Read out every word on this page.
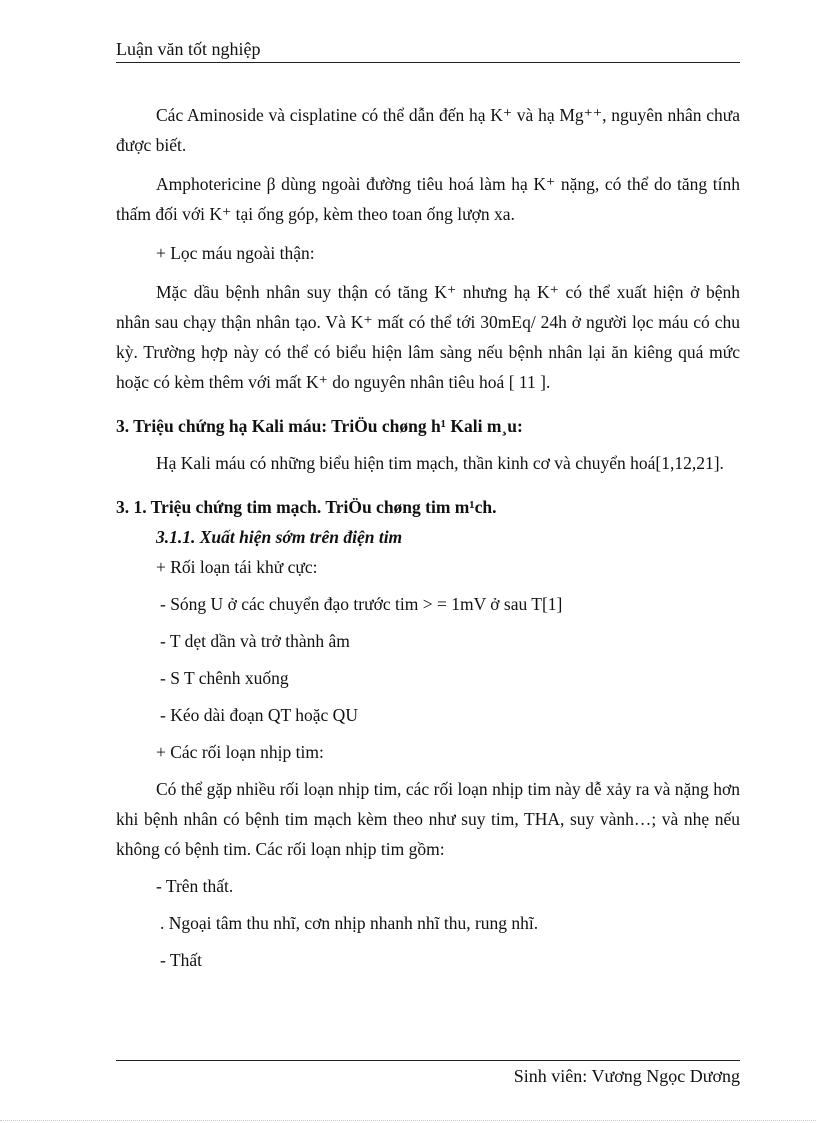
Luận văn tốt nghiệp

Các Aminoside và cisplatine có thể dẫn đến hạ K⁺ và hạ Mg⁺⁺, nguyên nhân chưa được biết.

Amphotericine β dùng ngoài đường tiêu hoá làm hạ K⁺ nặng, có thể do tăng tính thấm đối với K⁺ tại ống góp, kèm theo toan ống lượn xa.

+ Lọc máu ngoài thận:

Mặc dầu bệnh nhân suy thận có tăng K⁺ nhưng hạ K⁺ có thể xuất hiện ở bệnh nhân sau chạy thận nhân tạo. Và K⁺ mất có thể tới 30mEq/ 24h ở người lọc máu có chu kỳ. Trường hợp này có thể có biểu hiện lâm sàng nếu bệnh nhân lại ăn kiêng quá mức hoặc có kèm thêm với mất K⁺ do nguyên nhân tiêu hoá [ 11 ].

3. Triệu chứng hạ Kali máu: TriÖu chøng h¹ Kali m¸u:

Hạ Kali máu có những biểu hiện tim mạch, thần kinh cơ và chuyển hoá[1,12,21].

3. 1. Triệu chứng tim mạch. TriÖu chøng tim m¹ch.

3.1.1. Xuất hiện sớm trên điện tim

+ Rối loạn tái khử cực:

- Sóng U ở các chuyển đạo trước tim > = 1mV ở sau T[1]

- T dẹt dần và trở thành âm

- S T chênh xuống

- Kéo dài đoạn QT hoặc QU

+ Các rối loạn nhịp tim:

Có thể gặp nhiều rối loạn nhịp tim, các rối loạn nhịp tim này dễ xảy ra và nặng hơn khi bệnh nhân có bệnh tim mạch kèm theo như suy tim, THA, suy vành…; và nhẹ nếu không có bệnh tim. Các rối loạn nhịp tim gồm:

- Trên thất.

. Ngoại tâm thu nhĩ, cơn nhịp nhanh nhĩ thu, rung nhĩ.

- Thất

Sinh viên: Vương Ngọc Dương
